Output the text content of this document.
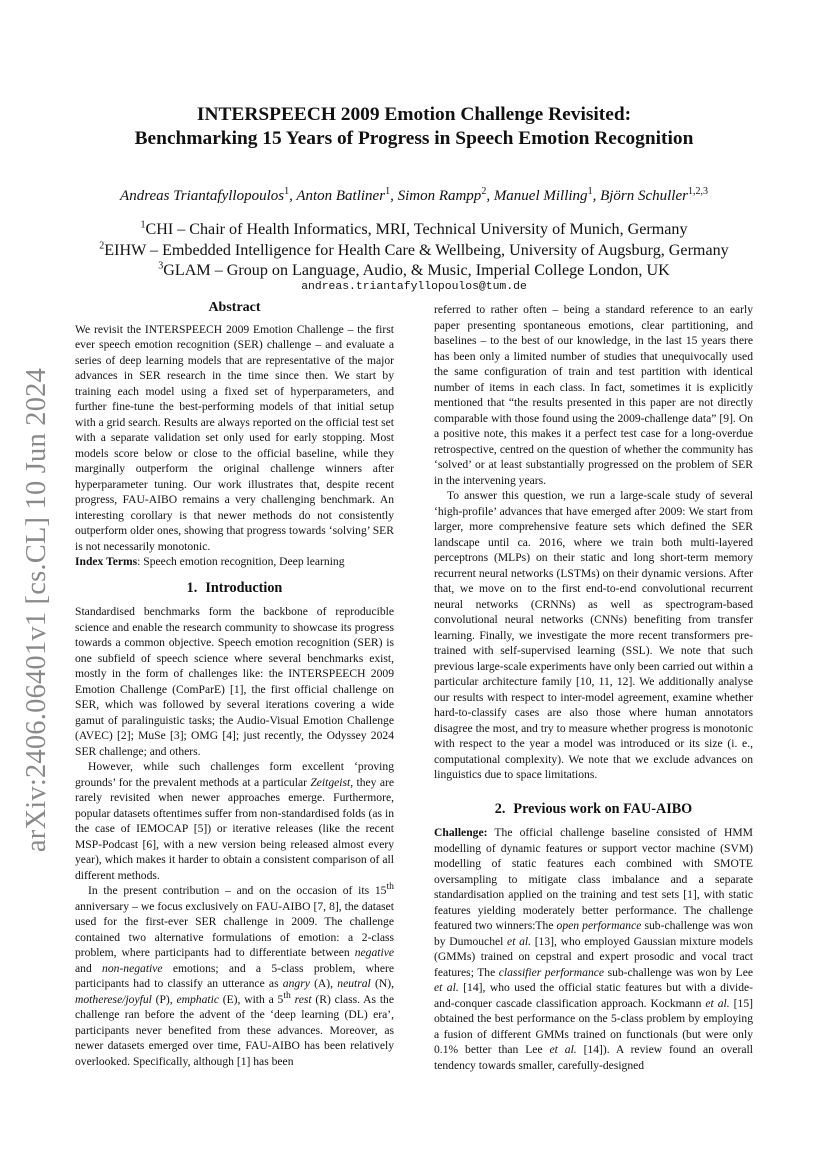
arXiv:2406.06401v1 [cs.CL] 10 Jun 2024
INTERSPEECH 2009 Emotion Challenge Revisited:
Benchmarking 15 Years of Progress in Speech Emotion Recognition
Andreas Triantafyllopoulos$^1$, Anton Batliner$^1$, Simon Rampp$^2$, Manuel Milling$^1$, Björn Schuller$^{1,2,3}$

$^1$CHI – Chair of Health Informatics, MRI, Technical University of Munich, Germany

$^2$EIHW – Embedded Intelligence for Health Care & Wellbeing, University of Augsburg, Germany

$^3$GLAM – Group on Language, Audio, & Music, Imperial College London, UK

andreas.triantafyllopoulos@tum.de
Abstract

We revisit the INTERSPEECH 2009 Emotion Challenge – the first ever speech emotion recognition (SER) challenge – and evaluate a series of deep learning models that are representative of the major advances in SER research in the time since then. We start by training each model using a fixed set of hyperparameters, and further fine-tune the best-performing models of that initial setup with a grid search. Results are always reported on the official test set with a separate validation set only used for early stopping. Most models score below or close to the official baseline, while they marginally outperform the original challenge winners after hyperparameter tuning. Our work illustrates that, despite recent progress, FAU-AIBO remains a very challenging benchmark. An interesting corollary is that newer methods do not consistently outperform older ones, showing that progress towards ‘solving’ SER is not necessarily monotonic.

Index Terms: Speech emotion recognition, Deep learning

1. Introduction

Standardised benchmarks form the backbone of reproducible science and enable the research community to showcase its progress towards a common objective. Speech emotion recognition (SER) is one subfield of speech science where several benchmarks exist, mostly in the form of challenges like: the INTERSPEECH 2009 Emotion Challenge (ComParE) [1], the first official challenge on SER, which was followed by several iterations covering a wide gamut of paralinguistic tasks; the Audio-Visual Emotion Challenge (AVEC) [2]; MuSe [3]; OMG [4]; just recently, the Odyssey 2024 SER challenge; and others.

However, while such challenges form excellent ‘proving grounds’ for the prevalent methods at a particular Zeitgeist, they are rarely revisited when newer approaches emerge. Furthermore, popular datasets oftentimes suffer from non-standardised folds (as in the case of IEMOCAP [5]) or iterative releases (like the recent MSP-Podcast [6], with a new version being released almost every year), which makes it harder to obtain a consistent comparison of all different methods.

In the present contribution – and on the occasion of its 15th anniversary – we focus exclusively on FAU-AIBO [7, 8], the dataset used for the first-ever SER challenge in 2009. The challenge contained two alternative formulations of emotion: a 2-class problem, where participants had to differentiate between negative and non-negative emotions; and a 5-class problem, where participants had to classify an utterance as angry (A), neutral (N), motherese/joyful (P), emphatic (E), with a 5th rest (R) class. As the challenge ran before the advent of the ‘deep learning (DL) era’, participants never benefited from these advances. Moreover, as newer datasets emerged over time, FAU-AIBO has been relatively overlooked. Specifically, although [1] has been

referred to rather often – being a standard reference to an early paper presenting spontaneous emotions, clear partitioning, and baselines – to the best of our knowledge, in the last 15 years there has been only a limited number of studies that unequivocally used the same configuration of train and test partition with identical number of items in each class. In fact, sometimes it is explicitly mentioned that “the results presented in this paper are not directly comparable with those found using the 2009-challenge data” [9]. On a positive note, this makes it a perfect test case for a long-overdue retrospective, centred on the question of whether the community has ‘solved’ or at least substantially progressed on the problem of SER in the intervening years.

To answer this question, we run a large-scale study of several ‘high-profile’ advances that have emerged after 2009: We start from larger, more comprehensive feature sets which defined the SER landscape until ca. 2016, where we train both multi-layered perceptrons (MLPs) on their static and long short-term memory recurrent neural networks (LSTMs) on their dynamic versions. After that, we move on to the first end-to-end convolutional recurrent neural networks (CRNNs) as well as spectrogram-based convolutional neural networks (CNNs) benefiting from transfer learning. Finally, we investigate the more recent transformers pre-trained with self-supervised learning (SSL). We note that such previous large-scale experiments have only been carried out within a particular architecture family [10, 11, 12]. We additionally analyse our results with respect to inter-model agreement, examine whether hard-to-classify cases are also those where human annotators disagree the most, and try to measure whether progress is monotonic with respect to the year a model was introduced or its size (i. e., computational complexity). We note that we exclude advances on linguistics due to space limitations.

2. Previous work on FAU-AIBO

Challenge: The official challenge baseline consisted of HMM modelling of dynamic features or support vector machine (SVM) modelling of static features each combined with SMOTE oversampling to mitigate class imbalance and a separate standardisation applied on the training and test sets [1], with static features yielding moderately better performance. The challenge featured two winners:The open performance sub-challenge was won by Dumouchel et al. [13], who employed Gaussian mixture models (GMMs) trained on cepstral and expert prosodic and vocal tract features; The classifier performance sub-challenge was won by Lee et al. [14], who used the official static features but with a divide-and-conquer cascade classification approach. Kockmann et al. [15] obtained the best performance on the 5-class problem by employing a fusion of different GMMs trained on functionals (but were only 0.1% better than Lee et al. [14]). A review found an overall tendency towards smaller, carefully-designed
